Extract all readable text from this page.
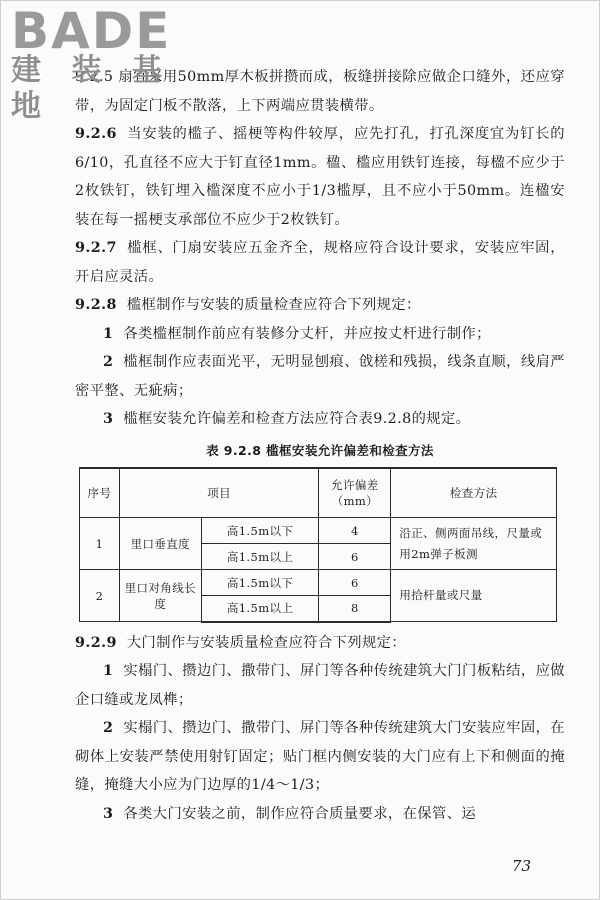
BADE
建 装 基 地

9.2.5 扇宜采用50mm厚木板拼攒而成，板缝拼接除应做企口缝外，还应穿带，为固定门板不散落，上下两端应贯装横带。

9.2.6 当安装的槛子、摇梗等构件较厚，应先打孔，打孔深度宜为钉长的6/10，孔直径不应大于钉直径1mm。楹、槛应用铁钉连接，每楹不应少于2枚铁钉，铁钉埋入槛深度不应小于1/3槛厚，且不应小于50mm。连楹安装在每一摇梗支承部位不应少于2枚铁钉。

9.2.7 槛框、门扇安装应五金齐全，规格应符合设计要求，安装应牢固，开启应灵活。

9.2.8 槛框制作与安装的质量检查应符合下列规定：

1 各类槛框制作前应有装修分丈杆，并应按丈杆进行制作；

2 槛框制作应表面光平，无明显刨痕、戗槎和残损，线条直顺，线肩严密平整、无疵病；

3 槛框安装允许偏差和检查方法应符合表9.2.8的规定。

表 9.2.8 槛框安装允许偏差和检查方法
序号	项目		允许偏差（mm）	检查方法
1	里口垂直度	高1.5m以下	4	沿正、侧两面吊线，尺量或用2m弹子板测
		高1.5m以上	6	
2	里口对角线长度	高1.5m以下	6	用拾杆量或尺量
		高1.5m以上	8	

9.2.9 大门制作与安装质量检查应符合下列规定：

1 实榻门、攒边门、撒带门、屏门等各种传统建筑大门门板粘结，应做企口缝或龙凤榫；

2 实榻门、攒边门、撒带门、屏门等各种传统建筑大门安装应牢固，在砌体上安装严禁使用射钉固定；贴门框内侧安装的大门应有上下和侧面的掩缝，掩缝大小应为门边厚的1/4～1/3；

3 各类大门安装之前，制作应符合质量要求，在保管、运

73
